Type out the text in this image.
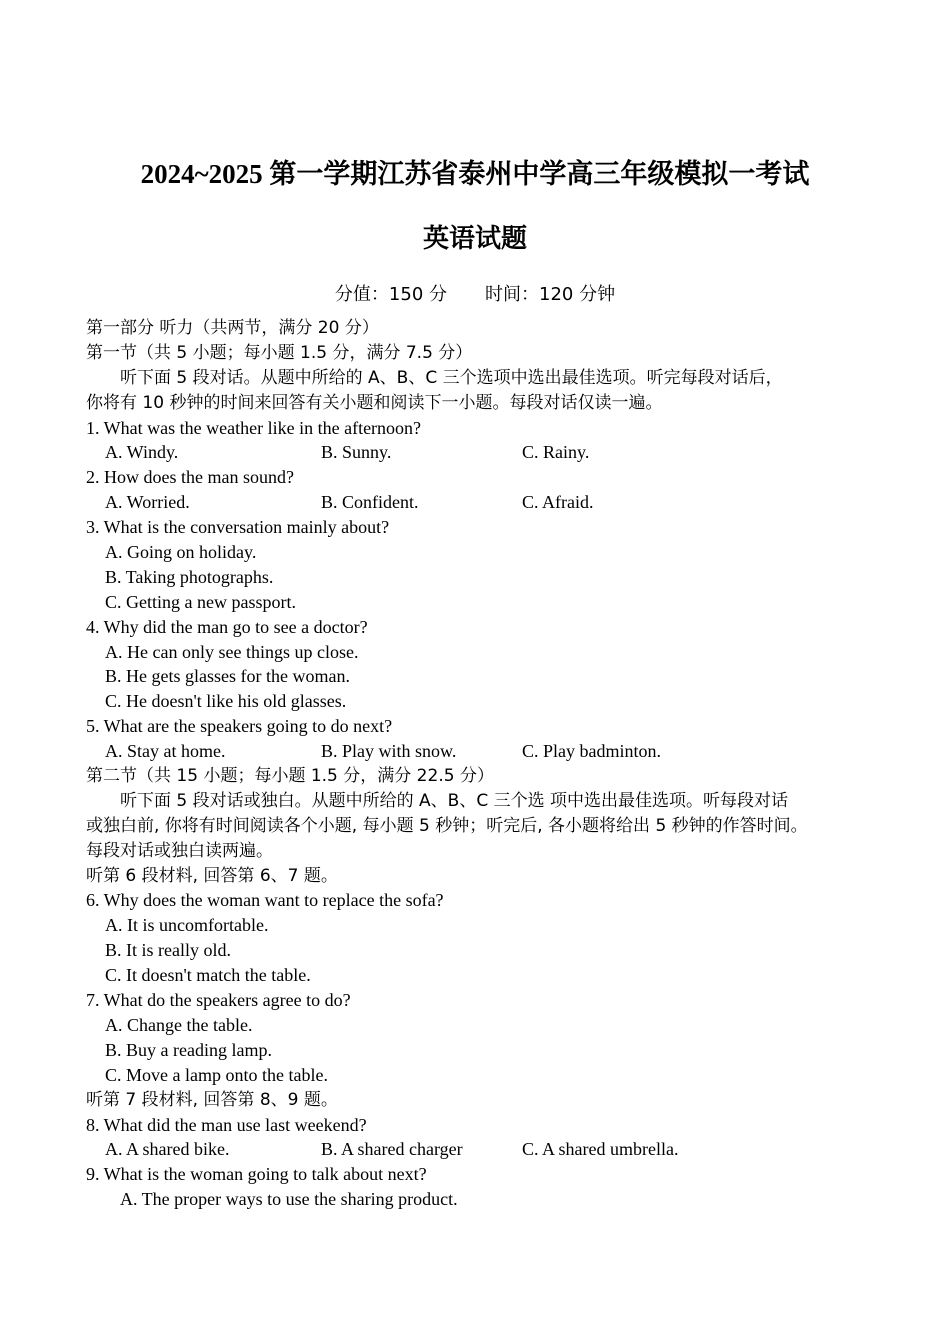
2024~2025 第一学期江苏省泰州中学高三年级模拟一考试
英语试题
分值：150 分 时间：120 分钟
第一部分 听力（共两节，满分 20 分）
第一节（共 5 小题；每小题 1.5 分，满分 7.5 分）
听下面 5 段对话。从题中所给的 A、B、C 三个选项中选出最佳选项。听完每段对话后，
你将有 10 秒钟的时间来回答有关小题和阅读下一小题。每段对话仅读一遍。
1. What was the weather like in the afternoon?
A. Windy.	B. Sunny.	C. Rainy.
2. How does the man sound?
A. Worried.	B. Confident.	C. Afraid.
3. What is the conversation mainly about?
A. Going on holiday.
B. Taking photographs.
C. Getting a new passport.
4. Why did the man go to see a doctor?
A. He can only see things up close.
B. He gets glasses for the woman.
C. He doesn't like his old glasses.
5. What are the speakers going to do next?
A. Stay at home.	B. Play with snow.	C. Play badminton.
第二节（共 15 小题；每小题 1.5 分，满分 22.5 分）
听下面 5 段对话或独白。从题中所给的 A、B、C 三个选 项中选出最佳选项。听每段对话
或独白前, 你将有时间阅读各个小题, 每小题 5 秒钟；听完后, 各小题将给出 5 秒钟的作答时间。
每段对话或独白读两遍。
听第 6 段材料, 回答第 6、7 题。
6. Why does the woman want to replace the sofa?
A. It is uncomfortable.
B. It is really old.
C. It doesn't match the table.
7. What do the speakers agree to do?
A. Change the table.
B. Buy a reading lamp.
C. Move a lamp onto the table.
听第 7 段材料, 回答第 8、9 题。
8. What did the man use last weekend?
A. A shared bike.	B. A shared charger	C. A shared umbrella.
9. What is the woman going to talk about next?
A. The proper ways to use the sharing product.
